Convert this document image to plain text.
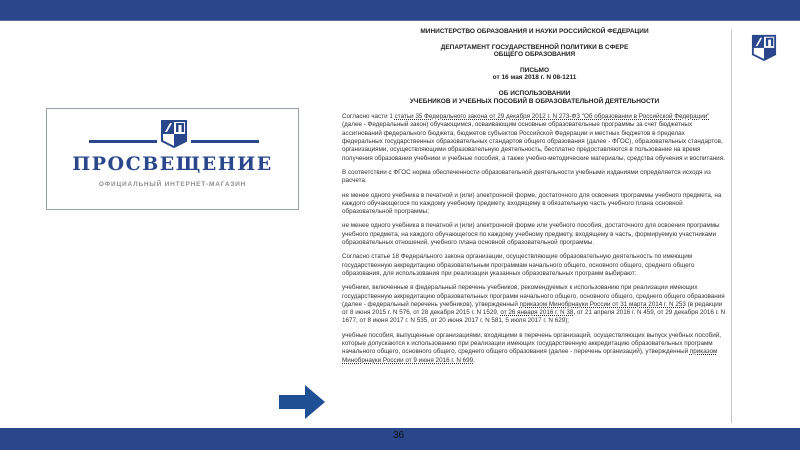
ПРОСВЕЩЕНИЕ
ОФИЦИАЛЬНЫЙ ИНТЕРНЕТ-МАГАЗИН
МИНИСТЕРСТВО ОБРАЗОВАНИЯ И НАУКИ РОССИЙСКОЙ ФЕДЕРАЦИИ
ДЕПАРТАМЕНТ ГОСУДАРСТВЕННОЙ ПОЛИТИКИ В СФЕРЕ
ОБЩЕГО ОБРАЗОВАНИЯ
ПИСЬМО
от 16 мая 2018 г. N 08-1211
ОБ ИСПОЛЬЗОВАНИИ
УЧЕБНИКОВ И УЧЕБНЫХ ПОСОБИЙ В ОБРАЗОВАТЕЛЬНОЙ ДЕЯТЕЛЬНОСТИ

Согласно части 1 статьи 35 Федерального закона от 29 декабря 2012 г. N 273-ФЗ "Об образовании в Российской Федерации" (далее - Федеральный закон) обучающимся, осваивающим основные образовательные программы за счет бюджетных ассигнований федерального бюджета, бюджетов субъектов Российской Федерации и местных бюджетов в пределах федеральных государственных образовательных стандартов общего образования (далее - ФГОС), образовательных стандартов, организациями, осуществляющими образовательную деятельность, бесплатно предоставляются в пользование на время получения образования учебники и учебные пособия, а также учебно-методические материалы, средства обучения и воспитания.

В соответствии с ФГОС норма обеспеченности образовательной деятельности учебными изданиями определяется исходя из расчета:

не менее одного учебника в печатной и (или) электронной форме, достаточного для освоения программы учебного предмета, на каждого обучающегося по каждому учебному предмету, входящему в обязательную часть учебного плана основной образовательной программы;

не менее одного учебника в печатной и (или) электронной форме или учебного пособия, достаточного для освоения программы учебного предмета, на каждого обучающегося по каждому учебному предмету, входящему в часть, формируемую участниками образовательных отношений, учебного плана основной образовательной программы.

Согласно статье 18 Федерального закона организации, осуществляющие образовательную деятельность по имеющим государственную аккредитацию образовательным программам начального общего, основного общего, среднего общего образования, для использования при реализации указанных образовательных программ выбирают:

учебники, включенные в федеральный перечень учебников, рекомендуемых к использованию при реализации имеющих государственную аккредитацию образовательных программ начального общего, основного общего, среднего общего образования (далее - федеральный перечень учебников), утвержденный приказом Минобрнауки России от 31 марта 2014 г. N 253 (в редакции от 8 июня 2015 г. N 576, от 28 декабря 2015 г. N 1529, от 26 января 2016 г. N 38, от 21 апреля 2016 г. N 459, от 29 декабря 2016 г. N 1677, от 8 июня 2017 г. N 535, от 20 июня 2017 г. N 581, 5 июля 2017 г. N 629);

учебные пособия, выпущенные организациями, входящими в перечень организаций, осуществляющих выпуск учебных пособий, которые допускаются к использованию при реализации имеющих государственную аккредитацию образовательных программ начального общего, основного общего, среднего общего образования (далее - перечень организаций), утвержденный приказом Минобрнауки России от 9 июня 2016 г. N 699.

36
